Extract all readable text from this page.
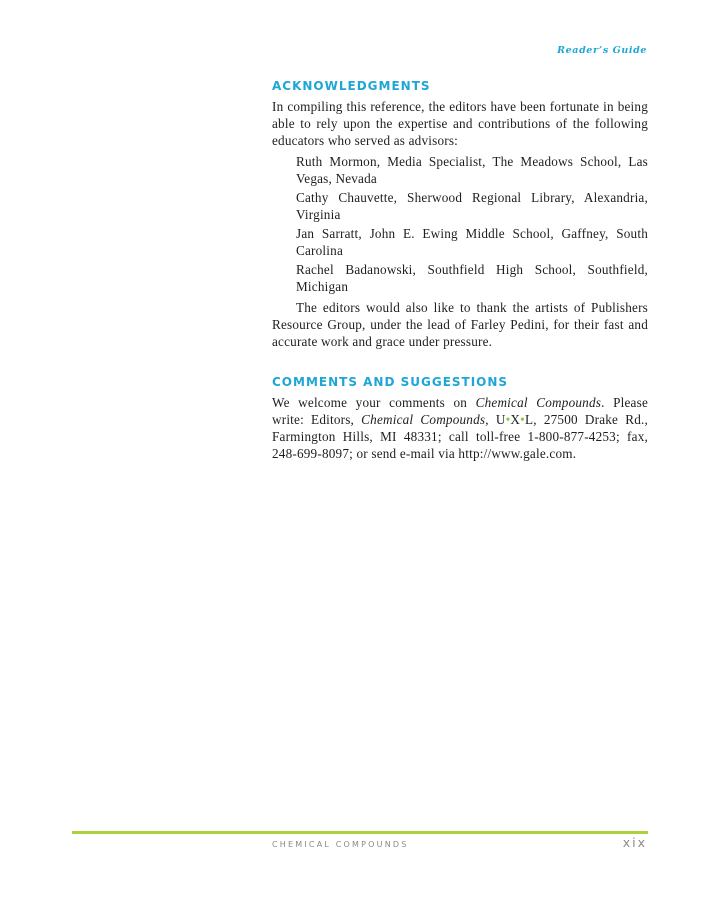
Reader’s Guide
ACKNOWLEDGMENTS

In compiling this reference, the editors have been fortunate in being able to rely upon the expertise and contributions of the following educators who served as advisors:

Ruth Mormon, Media Specialist, The Meadows School, Las Vegas, Nevada
Cathy Chauvette, Sherwood Regional Library, Alexandria, Virginia
Jan Sarratt, John E. Ewing Middle School, Gaffney, South Carolina
Rachel Badanowski, Southfield High School, Southfield, Michigan

The editors would also like to thank the artists of Publishers Resource Group, under the lead of Farley Pedini, for their fast and accurate work and grace under pressure.

COMMENTS AND SUGGESTIONS

We welcome your comments on Chemical Compounds. Please write: Editors, Chemical Compounds, U•X•L, 27500 Drake Rd., Farmington Hills, MI 48331; call toll-free 1-800-877-4253; fax, 248-699-8097; or send e-mail via http://www.gale.com.

CHEMICAL COMPOUNDS	xix
